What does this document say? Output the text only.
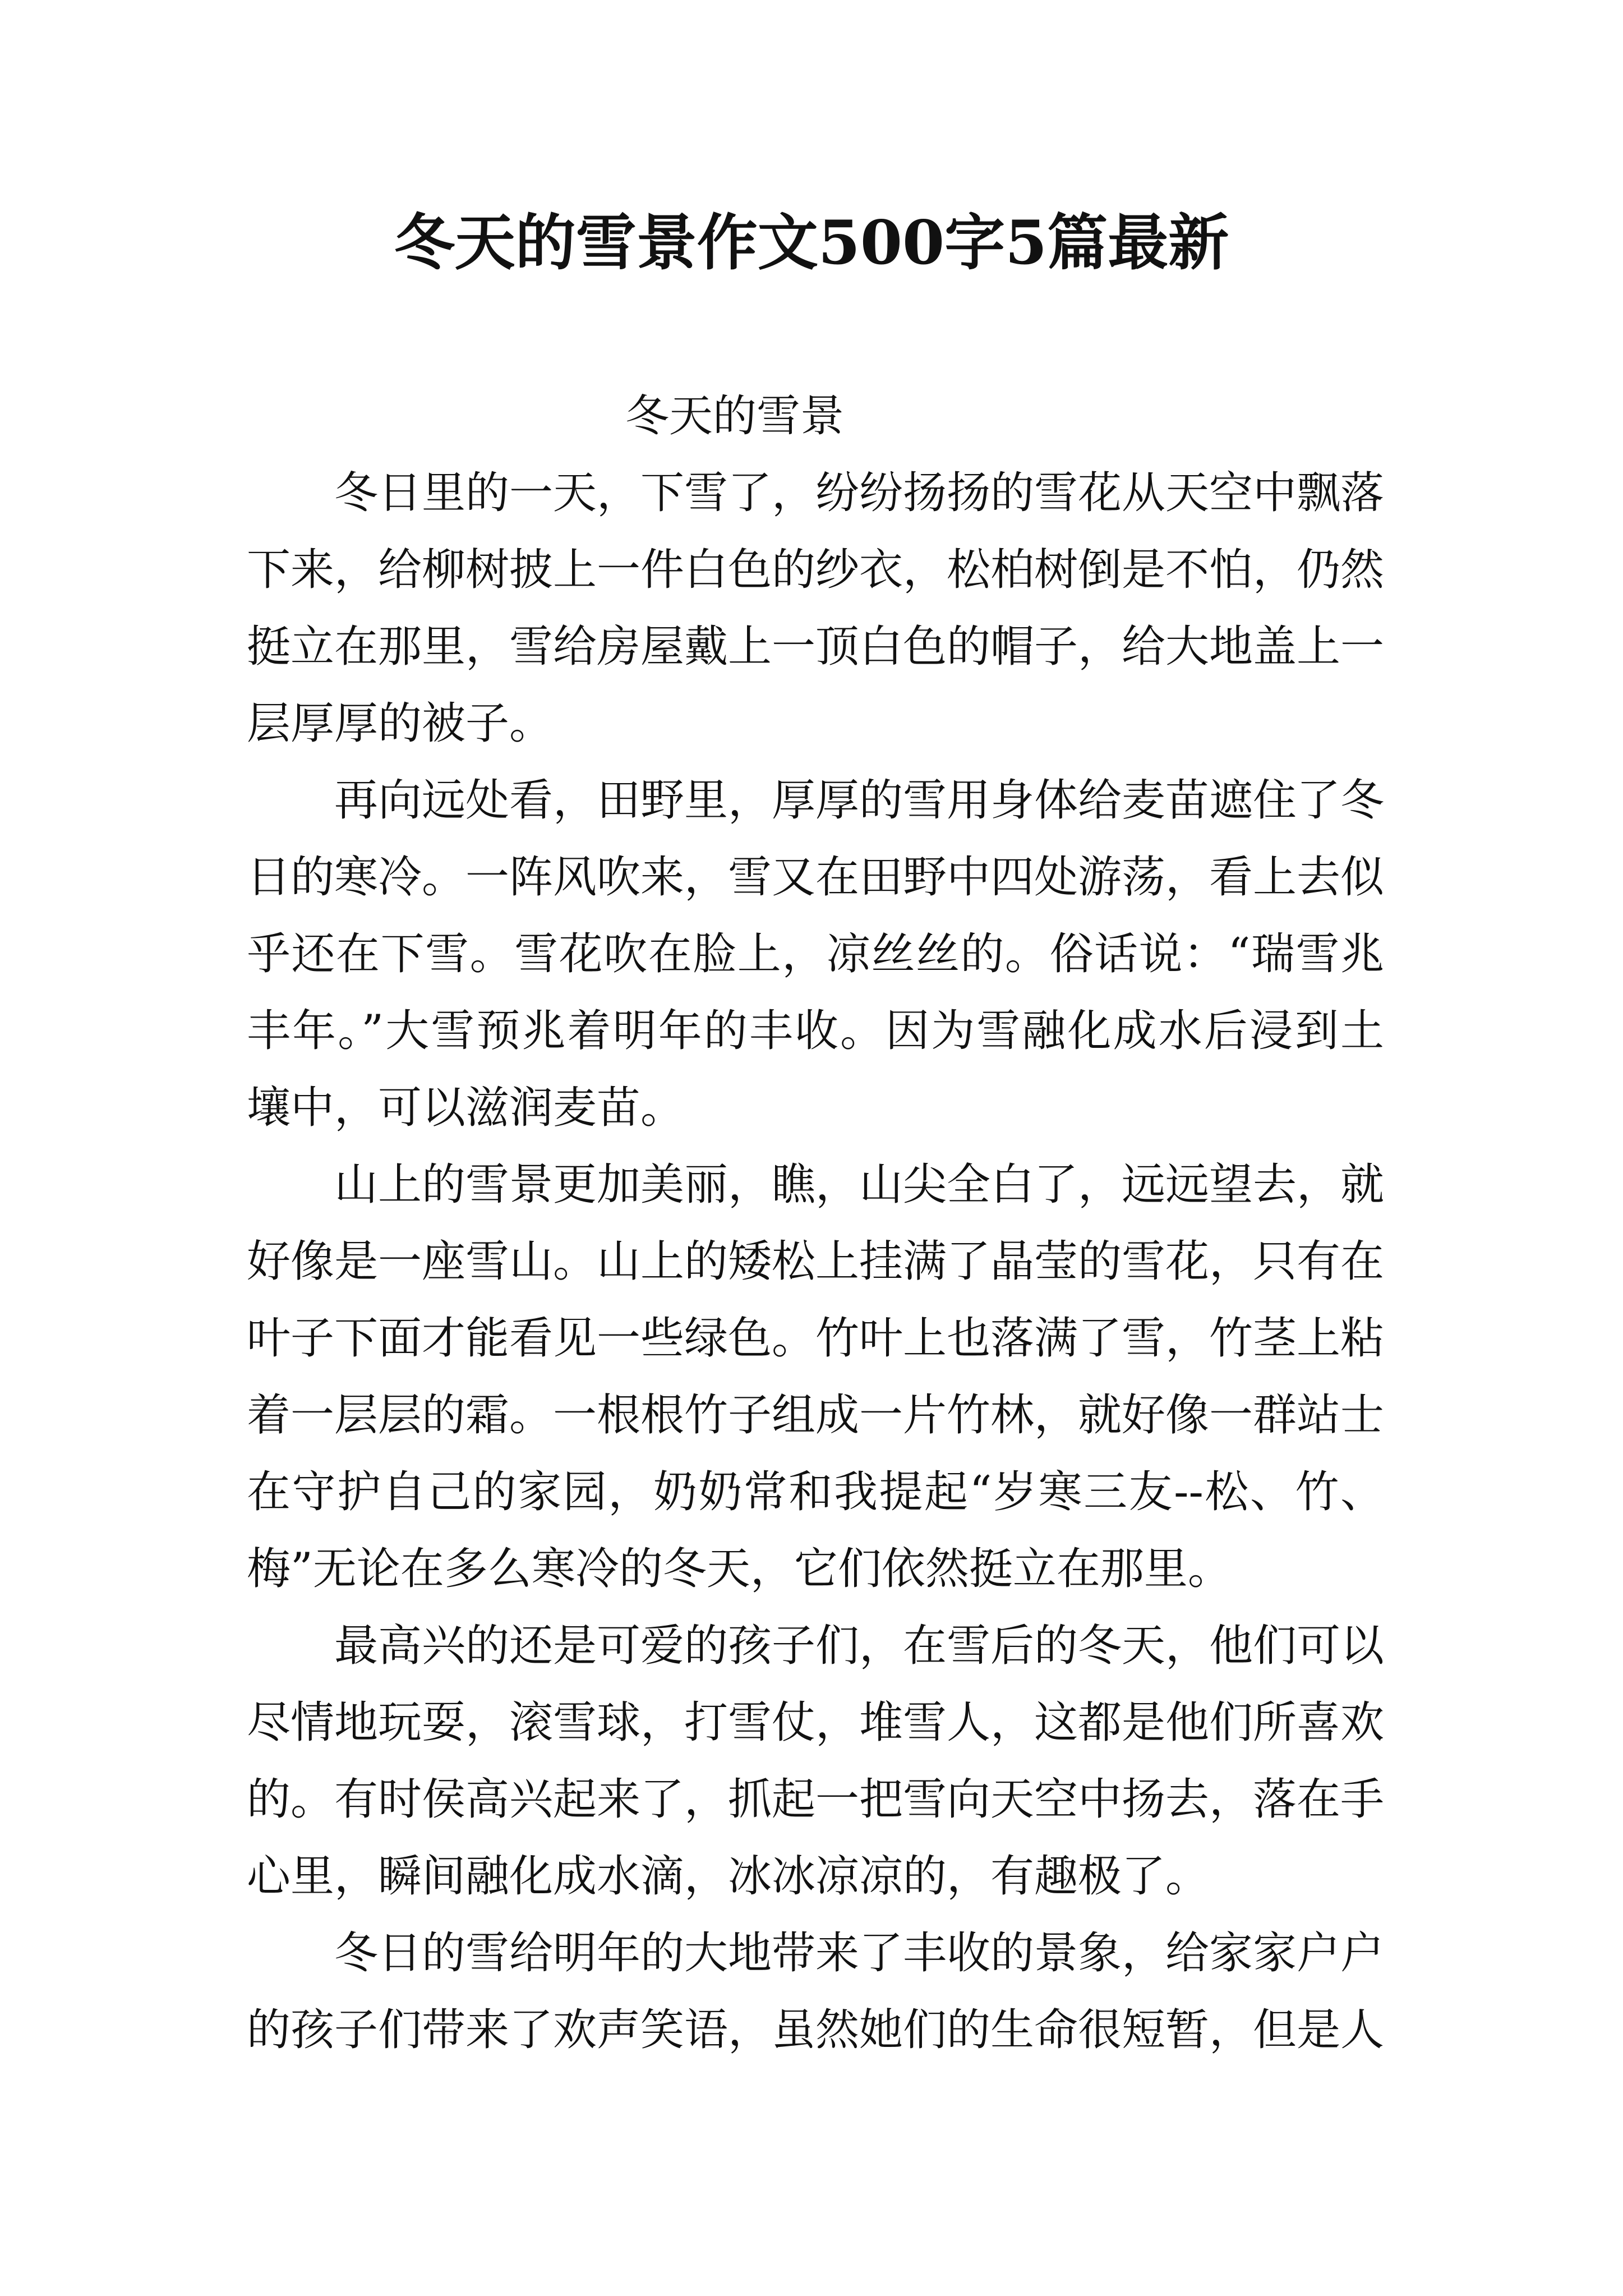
冬天的雪景作文500字5篇最新
冬天的雪景
冬日里的一天，下雪了，纷纷扬扬的雪花从天空中飘落
下来，给柳树披上一件白色的纱衣，松柏树倒是不怕，仍然
挺立在那里，雪给房屋戴上一顶白色的帽子，给大地盖上一
层厚厚的被子。
再向远处看，田野里，厚厚的雪用身体给麦苗遮住了冬
日的寒冷。一阵风吹来，雪又在田野中四处游荡，看上去似
乎还在下雪。雪花吹在脸上，凉丝丝的。俗话说：“瑞雪兆
丰年。”大雪预兆着明年的丰收。因为雪融化成水后浸到土
壤中，可以滋润麦苗。
山上的雪景更加美丽，瞧，山尖全白了，远远望去，就
好像是一座雪山。山上的矮松上挂满了晶莹的雪花，只有在
叶子下面才能看见一些绿色。竹叶上也落满了雪，竹茎上粘
着一层层的霜。一根根竹子组成一片竹林，就好像一群站士
在守护自己的家园，奶奶常和我提起“岁寒三友--松、竹、
梅”无论在多么寒冷的冬天，它们依然挺立在那里。
最高兴的还是可爱的孩子们，在雪后的冬天，他们可以
尽情地玩耍，滚雪球，打雪仗，堆雪人，这都是他们所喜欢
的。有时侯高兴起来了，抓起一把雪向天空中扬去，落在手
心里，瞬间融化成水滴，冰冰凉凉的，有趣极了。
冬日的雪给明年的大地带来了丰收的景象，给家家户户
的孩子们带来了欢声笑语，虽然她们的生命很短暂，但是人
